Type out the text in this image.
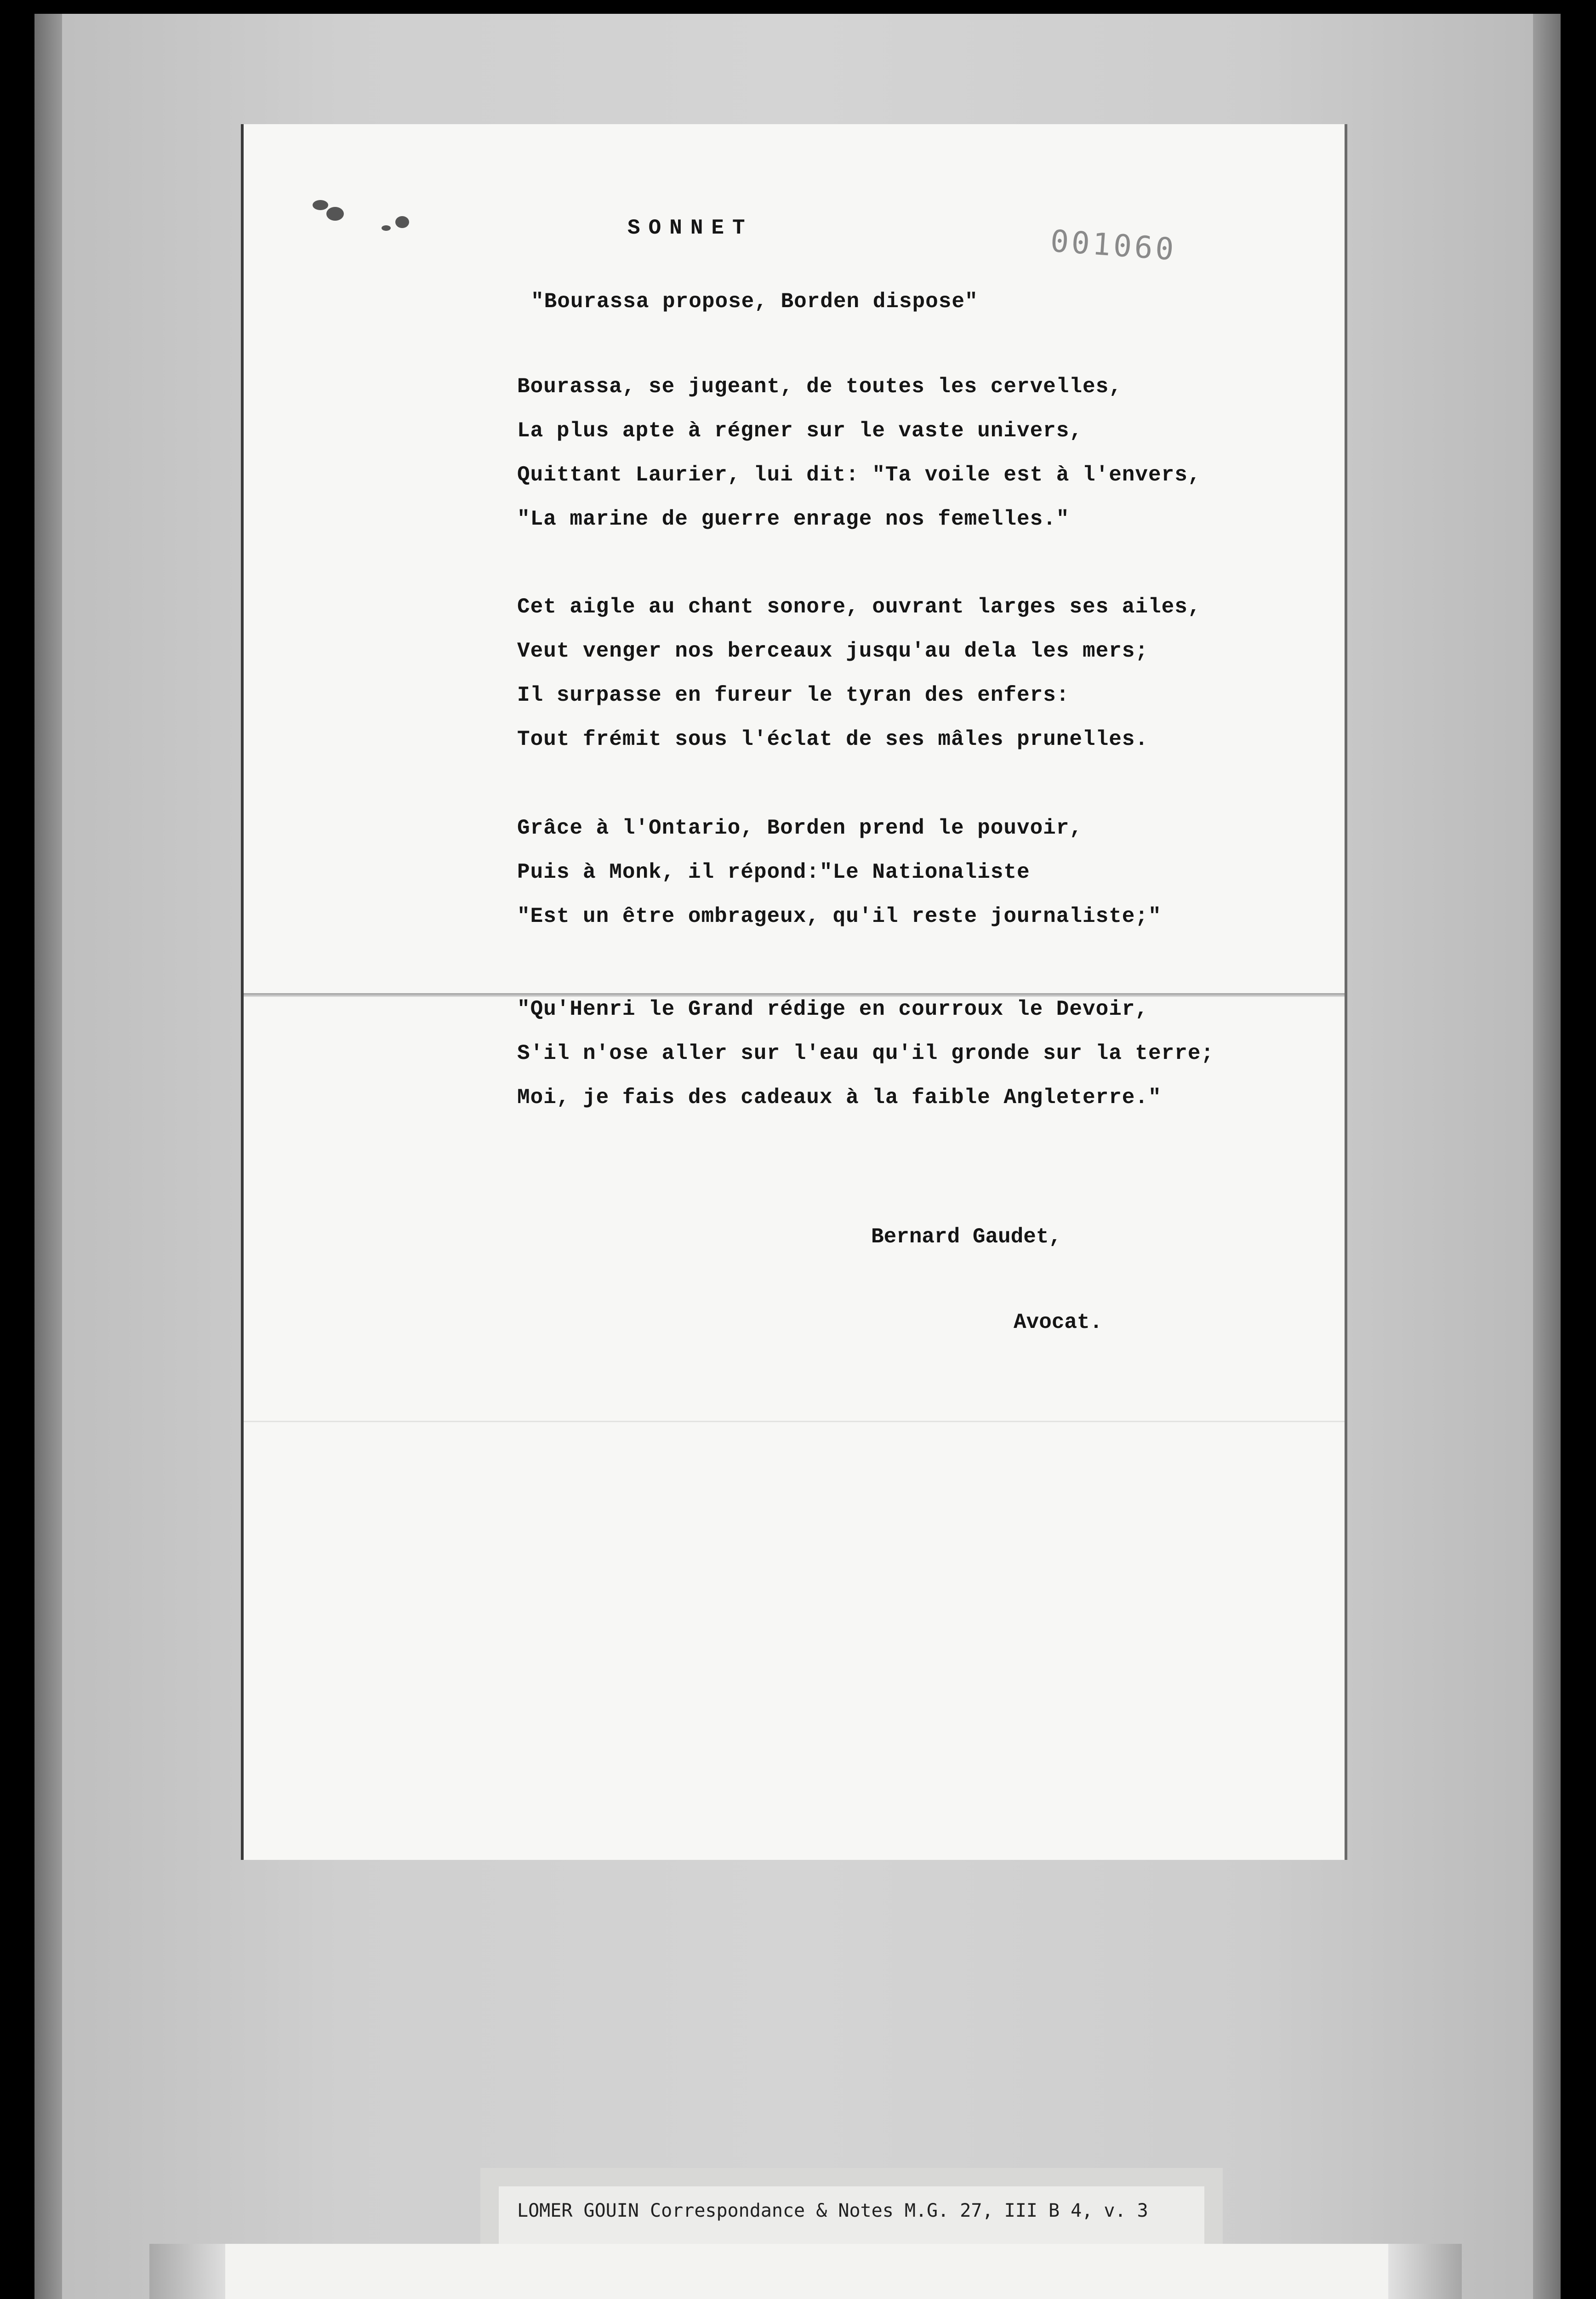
SONNET	001060
"Bourassa propose, Borden dispose"
Bourassa, se jugeant, de toutes les cervelles,
La plus apte à régner sur le vaste univers,
Quittant Laurier, lui dit: "Ta voile est à l'envers,
"La marine de guerre enrage nos femelles."
Cet aigle au chant sonore, ouvrant larges ses ailes,
Veut venger nos berceaux jusqu'au dela les mers;
Il surpasse en fureur le tyran des enfers:
Tout frémit sous l'éclat de ses mâles prunelles.
Grâce à l'Ontario, Borden prend le pouvoir,
Puis à Monk, il répond:"Le Nationaliste
"Est un être ombrageux, qu'il reste journaliste;"
"Qu'Henri le Grand rédige en courroux le Devoir,
S'il n'ose aller sur l'eau qu'il gronde sur la terre;
Moi, je fais des cadeaux à la faible Angleterre."

Bernard Gaudet,

Avocat.

LOMER GOUIN Correspondance & Notes M.G. 27, III B 4, v. 3
